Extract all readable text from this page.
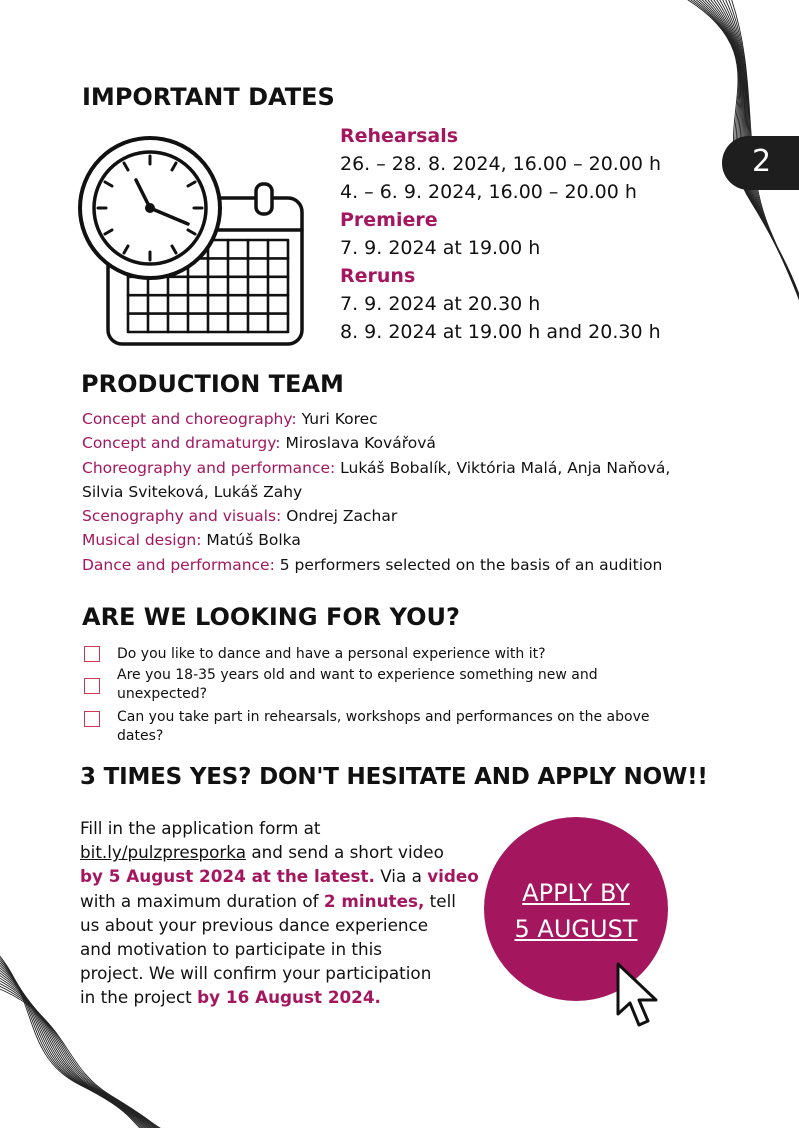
2
IMPORTANT DATES
Rehearsals
26. – 28. 8. 2024, 16.00 – 20.00 h
4. – 6. 9. 2024, 16.00 – 20.00 h
Premiere
7. 9. 2024 at 19.00 h
Reruns
7. 9. 2024 at 20.30 h
8. 9. 2024 at 19.00 h and 20.30 h
PRODUCTION TEAM
Concept and choreography: Yuri Korec
Concept and dramaturgy: Miroslava Kovářová
Choreography and performance: Lukáš Bobalík, Viktória Malá, Anja Naňová,
Silvia Sviteková, Lukáš Zahy
Scenography and visuals: Ondrej Zachar
Musical design: Matúš Bolka
Dance and performance: 5 performers selected on the basis of an audition
ARE WE LOOKING FOR YOU?
Do you like to dance and have a personal experience with it?
Are you 18-35 years old and want to experience something new and
unexpected?
Can you take part in rehearsals, workshops and performances on the above
dates?
3 TIMES YES? DON'T HESITATE AND APPLY NOW!!
Fill in the application form at
bit.ly/pulzpresporka and send a short video
by 5 August 2024 at the latest. Via a video
with a maximum duration of 2 minutes, tell
us about your previous dance experience
and motivation to participate in this
project. We will confirm your participation
in the project by 16 August 2024.
APPLY BY
5 AUGUST
